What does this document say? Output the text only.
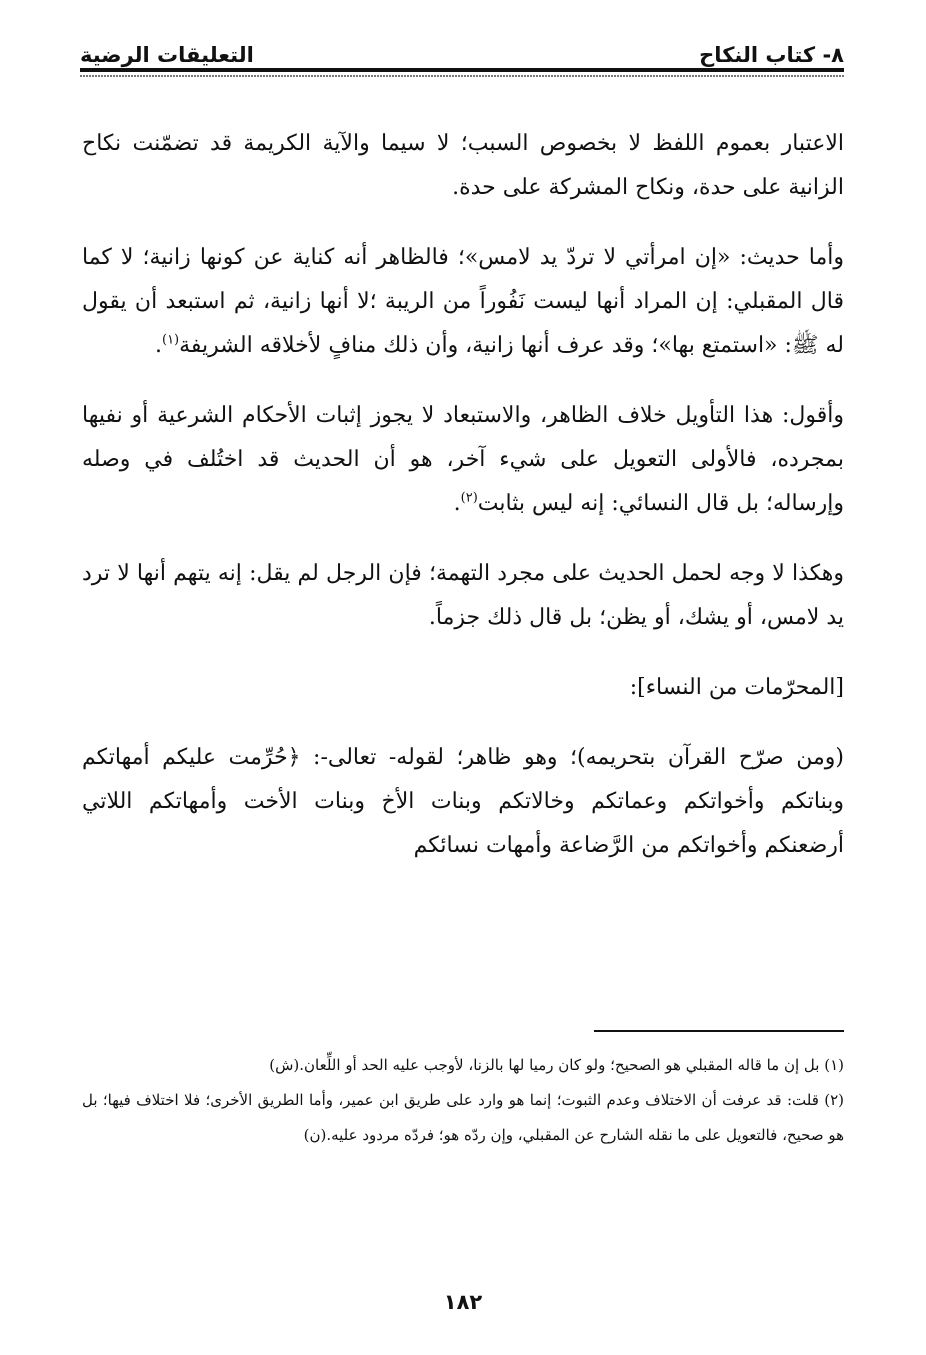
٨- كتاب النكاح
التعليقات الرضية

الاعتبار بعموم اللفظ لا بخصوص السبب؛ لا سيما والآية الكريمة قد تضمّنت نكاح الزانية على حدة، ونكاح المشركة على حدة.

وأما حديث: «إن امرأتي لا تردّ يد لامس»؛ فالظاهر أنه كناية عن كونها زانية؛ لا كما قال المقبلي: إن المراد أنها ليست نَفُوراً من الريبة ؛لا أنها زانية، ثم استبعد أن يقول له ﷺ: «استمتع بها»؛ وقد عرف أنها زانية، وأن ذلك منافٍ لأخلاقه الشريفة$^{(١)}$.

وأقول: هذا التأويل خلاف الظاهر، والاستبعاد لا يجوز إثبات الأحكام الشرعية أو نفيها بمجرده، فالأولى التعويل على شيء آخر، هو أن الحديث قد اختُلف في وصله وإرساله؛ بل قال النسائي: إنه ليس بثابت$^{(٢)}$.

وهكذا لا وجه لحمل الحديث على مجرد التهمة؛ فإن الرجل لم يقل: إنه يتهم أنها لا ترد يد لامس، أو يشك، أو يظن؛ بل قال ذلك جزماً.

[المحرّمات من النساء]:

(ومن صرّح القرآن بتحريمه)؛ وهو ظاهر؛ لقوله- تعالى-: ﴿حُرِّمت عليكم أمهاتكم وبناتكم وأخواتكم وعماتكم وخالاتكم وبنات الأخ وبنات الأخت وأمهاتكم اللاتي أرضعنكم وأخواتكم من الرَّضاعة وأمهات نسائكم

(١) بل إن ما قاله المقبلي هو الصحيح؛ ولو كان رميا لها بالزنا، لأوجب عليه الحد أو اللِّعان.(ش)

(٢) قلت: قد عرفت أن الاختلاف وعدم الثبوت؛ إنما هو وارد على طريق ابن عمير، وأما الطريق الأخرى؛ فلا اختلاف فيها؛ بل هو صحيح، فالتعويل على ما نقله الشارح عن المقبلي، وإن ردّه هو؛ فردّه مردود عليه.(ن)

١٨٢
